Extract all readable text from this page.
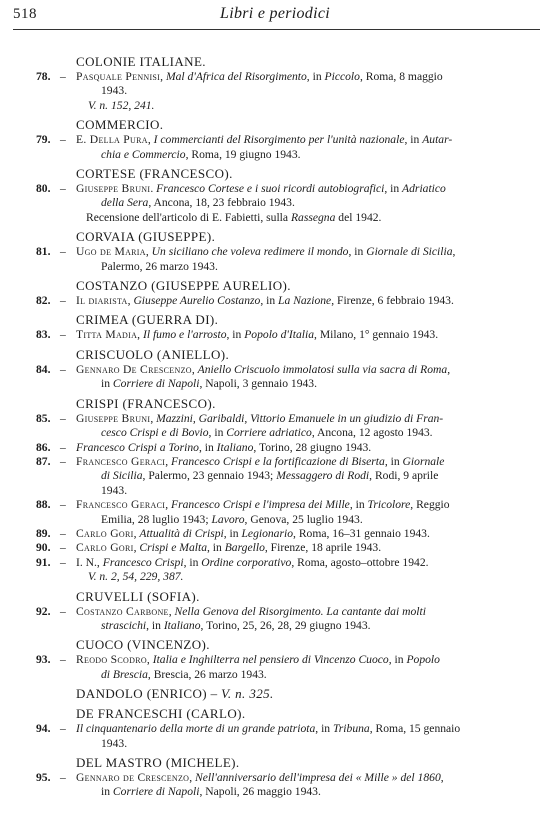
518	Libri e periodici
COLONIE ITALIANE.
78. – Pasquale Pennisi, Mal d'Africa del Risorgimento, in Piccolo, Roma, 8 maggio
1943.
V. n. 152, 241.
COMMERCIO.
79. – E. Della Pura, I commercianti del Risorgimento per l'unità nazionale, in Autar-
chia e Commercio, Roma, 19 giugno 1943.
CORTESE (FRANCESCO).
80. – Giuseppe Bruni. Francesco Cortese e i suoi ricordi autobiografici, in Adriatico
della Sera, Ancona, 18, 23 febbraio 1943.
Recensione dell'articolo di E. Fabietti, sulla Rassegna del 1942.
CORVAIA (GIUSEPPE).
81. – Ugo de Maria, Un siciliano che voleva redimere il mondo, in Giornale di Sicilia,
Palermo, 26 marzo 1943.
COSTANZO (GIUSEPPE AURELIO).
82. – Il diarista, Giuseppe Aurelio Costanzo, in La Nazione, Firenze, 6 febbraio 1943.
CRIMEA (GUERRA DI).
83. – Titta Madia, Il fumo e l'arrosto, in Popolo d'Italia, Milano, 1° gennaio 1943.
CRISCUOLO (ANIELLO).
84. – Gennaro De Crescenzo, Aniello Criscuolo immolatosi sulla via sacra di Roma,
in Corriere di Napoli, Napoli, 3 gennaio 1943.
CRISPI (FRANCESCO).
85. – Giuseppe Bruni, Mazzini, Garibaldi, Vittorio Emanuele in un giudizio di Fran-
cesco Crispi e di Bovio, in Corriere adriatico, Ancona, 12 agosto 1943.
86. – Francesco Crispi a Torino, in Italiano, Torino, 28 giugno 1943.
87. – Francesco Geraci, Francesco Crispi e la fortificazione di Biserta, in Giornale
di Sicilia, Palermo, 23 gennaio 1943; Messaggero di Rodi, Rodi, 9 aprile
1943.
88. – Francesco Geraci, Francesco Crispi e l'impresa dei Mille, in Tricolore, Reggio
Emilia, 28 luglio 1943; Lavoro, Genova, 25 luglio 1943.
89. – Carlo Gori, Attualità di Crispi, in Legionario, Roma, 16–31 gennaio 1943.
90. – Carlo Gori, Crispi e Malta, in Bargello, Firenze, 18 aprile 1943.
91. – I. N., Francesco Crispi, in Ordine corporativo, Roma, agosto–ottobre 1942.
V. n. 2, 54, 229, 387.
CRUVELLI (SOFIA).
92. – Costanzo Carbone, Nella Genova del Risorgimento. La cantante dai molti
strascichi, in Italiano, Torino, 25, 26, 28, 29 giugno 1943.
CUOCO (VINCENZO).
93. – Reodo Scodro, Italia e Inghilterra nel pensiero di Vincenzo Cuoco, in Popolo
di Brescia, Brescia, 26 marzo 1943.
DANDOLO (ENRICO) – V. n. 325.
DE FRANCESCHI (CARLO).
94. – Il cinquantenario della morte di un grande patriota, in Tribuna, Roma, 15 gennaio
1943.
DEL MASTRO (MICHELE).
95. – Gennaro de Crescenzo, Nell'anniversario dell'impresa dei « Mille » del 1860,
in Corriere di Napoli, Napoli, 26 maggio 1943.
